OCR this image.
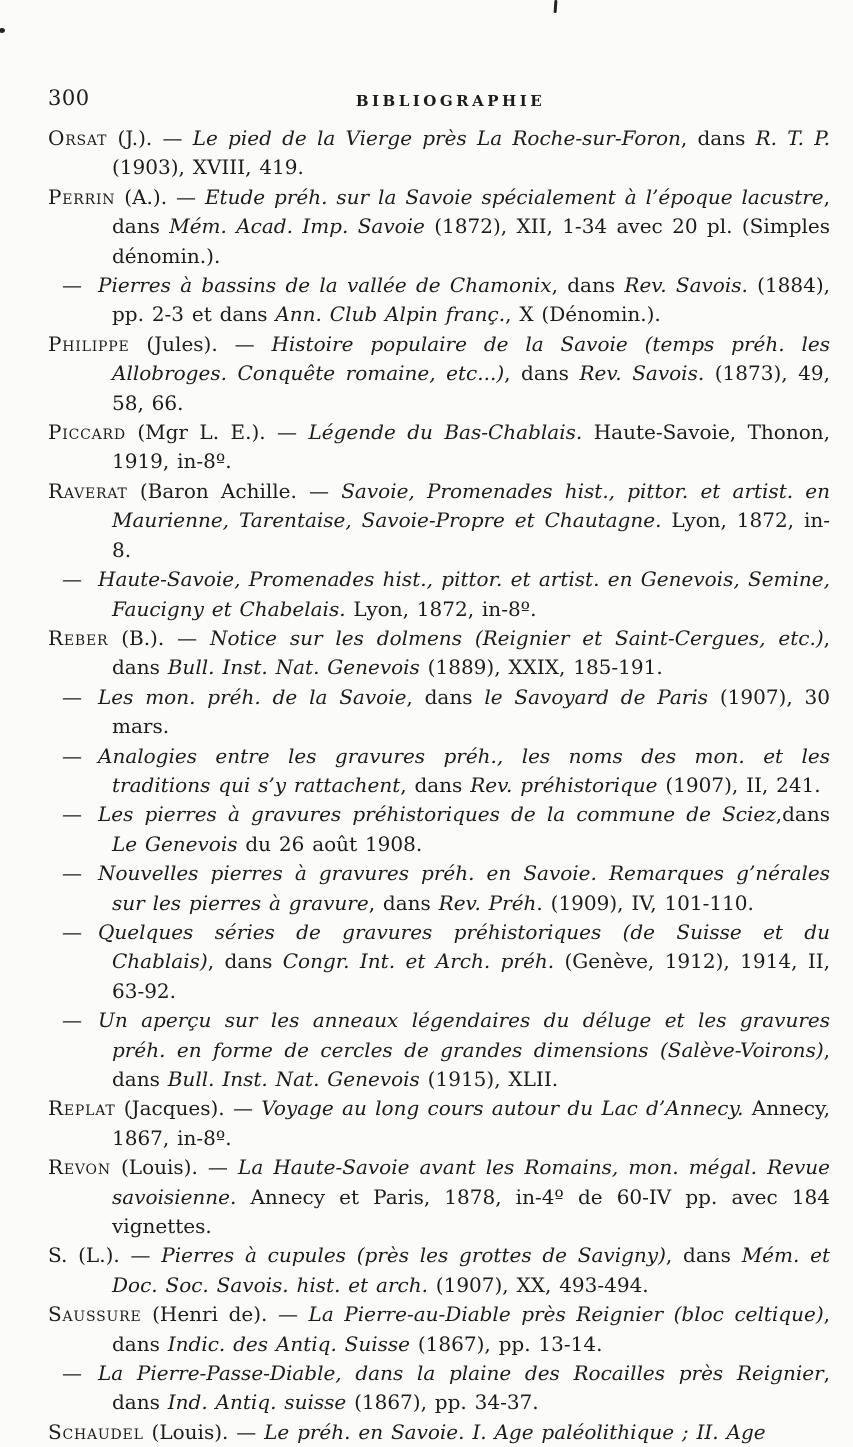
300	BIBLIOGRAPHIE

Orsat (J.). — Le pied de la Vierge près La Roche-sur-Foron, dans R. T. P. (1903), XVIII, 419.

Perrin (A.). — Etude préh. sur la Savoie spécialement à l’époque lacustre, dans Mém. Acad. Imp. Savoie (1872), XII, 1-34 avec 20 pl. (Simples dénomin.).

— Pierres à bassins de la vallée de Chamonix, dans Rev. Savois. (1884), pp. 2-3 et dans Ann. Club Alpin franç., X (Dénomin.).

Philippe (Jules). — Histoire populaire de la Savoie (temps préh. les Allobroges. Conquête romaine, etc...), dans Rev. Savois. (1873), 49, 58, 66.

Piccard (Mgr L. E.). — Légende du Bas-Chablais. Haute-Savoie, Thonon, 1919, in-8º.

Raverat (Baron Achille. — Savoie, Promenades hist., pittor. et artist. en Maurienne, Tarentaise, Savoie-Propre et Chautagne. Lyon, 1872, in-8.

— Haute-Savoie, Promenades hist., pittor. et artist. en Genevois, Semine, Faucigny et Chabelais. Lyon, 1872, in-8º.

Reber (B.). — Notice sur les dolmens (Reignier et Saint-Cergues, etc.), dans Bull. Inst. Nat. Genevois (1889), XXIX, 185-191.

— Les mon. préh. de la Savoie, dans le Savoyard de Paris (1907), 30 mars.

— Analogies entre les gravures préh., les noms des mon. et les traditions qui s’y rattachent, dans Rev. préhistorique (1907), II, 241.

— Les pierres à gravures préhistoriques de la commune de Sciez,dans Le Genevois du 26 août 1908.

— Nouvelles pierres à gravures préh. en Savoie. Remarques g’nérales sur les pierres à gravure, dans Rev. Préh. (1909), IV, 101-110.

— Quelques séries de gravures préhistoriques (de Suisse et du Chablais), dans Congr. Int. et Arch. préh. (Genève, 1912), 1914, II, 63-92.

— Un aperçu sur les anneaux légendaires du déluge et les gravures préh. en forme de cercles de grandes dimensions (Salève-Voirons), dans Bull. Inst. Nat. Genevois (1915), XLII.

Replat (Jacques). — Voyage au long cours autour du Lac d’Annecy. Annecy, 1867, in-8º.

Revon (Louis). — La Haute-Savoie avant les Romains, mon. mégal. Revue savoisienne. Annecy et Paris, 1878, in-4º de 60-IV pp. avec 184 vignettes.

S. (L.). — Pierres à cupules (près les grottes de Savigny), dans Mém. et Doc. Soc. Savois. hist. et arch. (1907), XX, 493-494.

Saussure (Henri de). — La Pierre-au-Diable près Reignier (bloc celtique), dans Indic. des Antiq. Suisse (1867), pp. 13-14.

— La Pierre-Passe-Diable, dans la plaine des Rocailles près Reignier, dans Ind. Antiq. suisse (1867), pp. 34-37.

Schaudel (Louis). — Le préh. en Savoie. I. Age paléolithique ; II. Age
